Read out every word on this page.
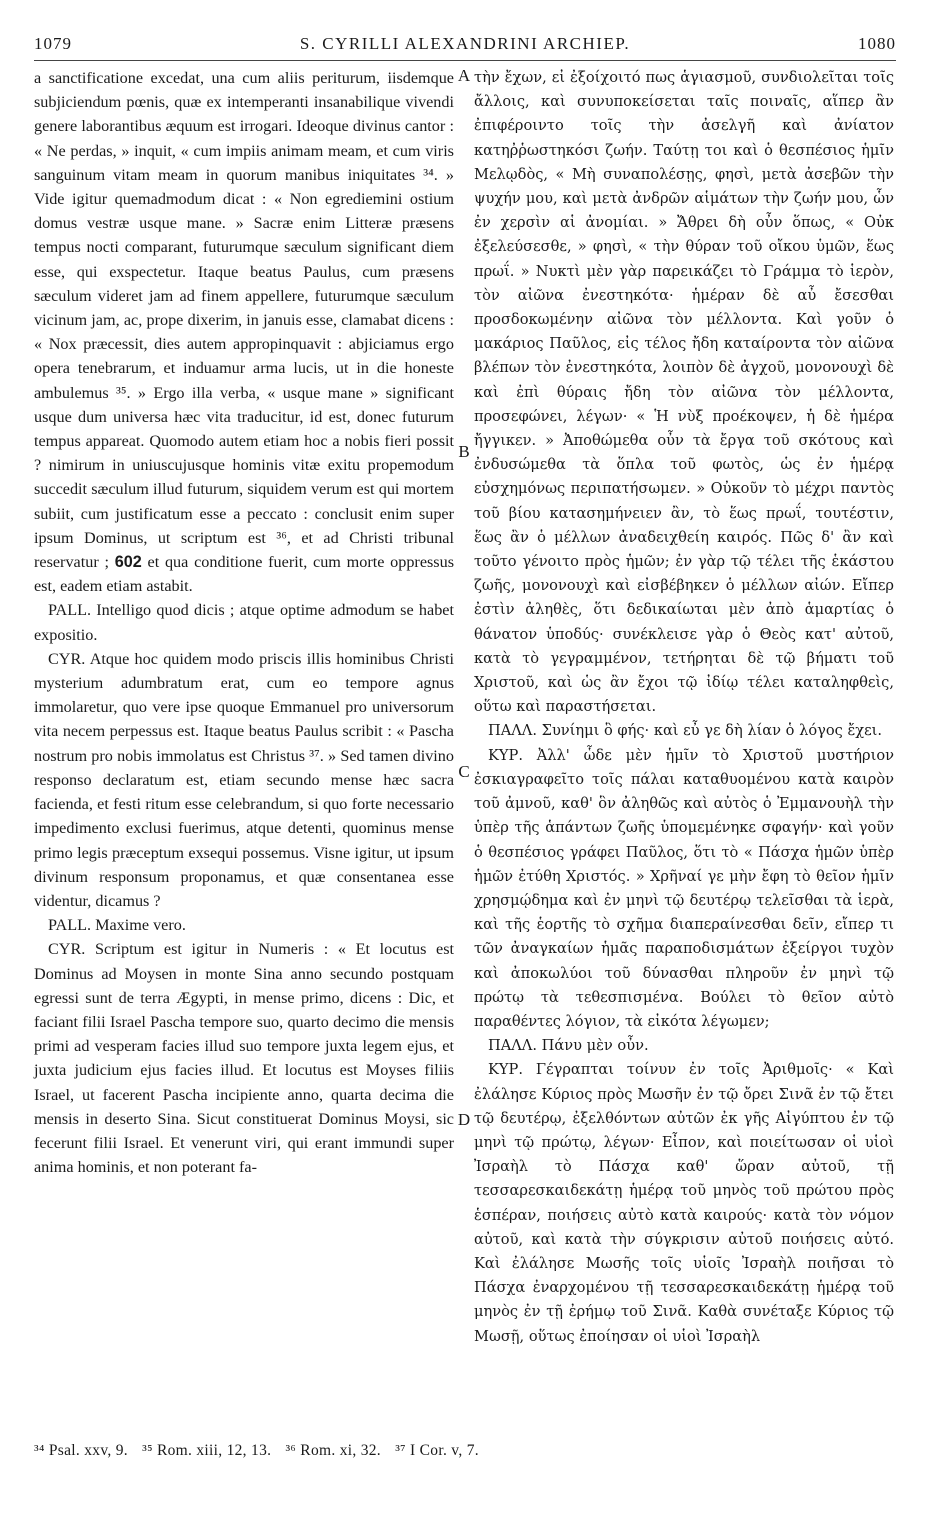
1079	S. CYRILLI ALEXANDRINI ARCHIEP.	1080

a sanctificatione excedat, una cum aliis periturum, iisdemque subjiciendum pœnis, quæ ex intemperanti insanabilique vivendi genere laborantibus æquum est irrogari. Ideoque divinus cantor : « Ne perdas, » inquit, « cum impiis animam meam, et cum viris sanguinum vitam meam in quorum manibus iniquitates ³⁴. » Vide igitur quemadmodum dicat : « Non egrediemini ostium domus vestræ usque mane. » Sacræ enim Litteræ præsens tempus nocti comparant, futurumque sæculum significant diem esse, qui exspectetur. Itaque beatus Paulus, cum præsens sæculum videret jam ad finem appellere, futurumque sæculum vicinum jam, ac, prope dixerim, in januis esse, clamabat dicens : « Nox præcessit, dies autem appropinquavit : abjiciamus ergo opera tenebrarum, et induamur arma lucis, ut in die honeste ambulemus ³⁵. » Ergo illa verba, « usque mane » significant usque dum universa hæc vita traducitur, id est, donec futurum tempus appareat. Quomodo autem etiam hoc a nobis fieri possit ? nimirum in uniuscujusque hominis vitæ exitu propemodum succedit sæculum illud futurum, siquidem verum est qui mortem subiit, cum justificatum esse a peccato : conclusit enim super ipsum Dominus, ut scriptum est ³⁶, et ad Christi tribunal reservatur ; 602 et qua conditione fuerit, cum morte oppressus est, eadem etiam astabit.

PALL. Intelligo quod dicis ; atque optime admodum se habet expositio.

CYR. Atque hoc quidem modo priscis illis hominibus Christi mysterium adumbratum erat, cum eo tempore agnus immolaretur, quo vere ipse quoque Emmanuel pro universorum vita necem perpessus est. Itaque beatus Paulus scribit : « Pascha nostrum pro nobis immolatus est Christus ³⁷. » Sed tamen divino responso declaratum est, etiam secundo mense hæc sacra facienda, et festi ritum esse celebrandum, si quo forte necessario impedimento exclusi fuerimus, atque detenti, quominus mense primo legis præceptum exsequi possemus. Visne igitur, ut ipsum divinum responsum proponamus, et quæ consentanea esse videntur, dicamus ?

PALL. Maxime vero.

CYR. Scriptum est igitur in Numeris : « Et locutus est Dominus ad Moysen in monte Sina anno secundo postquam egressi sunt de terra Ægypti, in mense primo, dicens : Dic, et faciant filii Israel Pascha tempore suo, quarto decimo die mensis primi ad vesperam facies illud suo tempore juxta legem ejus, et juxta judicium ejus facies illud. Et locutus est Moyses filiis Israel, ut facerent Pascha incipiente anno, quarta decima die mensis in deserto Sina. Sicut constituerat Dominus Moysi, sic fecerunt filii Israel. Et venerunt viri, qui erant immundi super anima hominis, et non poterant fa-

A
B
C
D

τὴν ἔχων, εἰ ἐξοίχοιτό πως ἁγιασμοῦ, συνδιολεῖται τοῖς ἄλλοις, καὶ συνυποκείσεται ταῖς ποιναῖς, αἵπερ ἂν ἐπιφέροιντο τοῖς τὴν ἀσελγῆ καὶ ἀνίατον κατηῤῥωστηκόσι ζωήν. Ταύτῃ τοι καὶ ὁ θεσπέσιος ἡμῖν Μελῳδὸς, « Μὴ συναπολέσῃς, φησὶ, μετὰ ἀσεβῶν τὴν ψυχήν μου, καὶ μετὰ ἀνδρῶν αἱμάτων τὴν ζωήν μου, ὧν ἐν χερσὶν αἱ ἀνομίαι. » Ἄθρει δὴ οὖν ὅπως, « Οὐκ ἐξελεύσεσθε, » φησὶ, « τὴν θύραν τοῦ οἴκου ὑμῶν, ἕως πρωΐ. » Νυκτὶ μὲν γὰρ παρεικάζει τὸ Γράμμα τὸ ἱερὸν, τὸν αἰῶνα ἐνεστηκότα· ἡμέραν δὲ αὖ ἔσεσθαι προσδοκωμένην αἰῶνα τὸν μέλλοντα. Καὶ γοῦν ὁ μακάριος Παῦλος, εἰς τέλος ἤδη καταίροντα τὸν αἰῶνα βλέπων τὸν ἐνεστηκότα, λοιπὸν δὲ ἀγχοῦ, μονονουχὶ δὲ καὶ ἐπὶ θύραις ἤδη τὸν αἰῶνα τὸν μέλλοντα, προσεφώνει, λέγων· « Ἡ νὺξ προέκοψεν, ἡ δὲ ἡμέρα ἤγγικεν. » Ἀποθώμεθα οὖν τὰ ἔργα τοῦ σκότους καὶ ἐνδυσώμεθα τὰ ὅπλα τοῦ φωτὸς, ὡς ἐν ἡμέρᾳ εὐσχημόνως περιπατήσωμεν. » Οὐκοῦν τὸ μέχρι παντὸς τοῦ βίου κατασημήνειεν ἂν, τὸ ἕως πρωΐ, τουτέστιν, ἕως ἂν ὁ μέλλων ἀναδειχθείη καιρός. Πῶς δ' ἂν καὶ τοῦτο γένοιτο πρὸς ἡμῶν; ἐν γὰρ τῷ τέλει τῆς ἑκάστου ζωῆς, μονονουχὶ καὶ εἰσβέβηκεν ὁ μέλλων αἰών. Εἴπερ ἐστὶν ἀληθὲς, ὅτι δεδικαίωται μὲν ἀπὸ ἁμαρτίας ὁ θάνατον ὑποδύς· συνέκλεισε γὰρ ὁ Θεὸς κατ' αὐτοῦ, κατὰ τὸ γεγραμμένον, τετήρηται δὲ τῷ βήματι τοῦ Χριστοῦ, καὶ ὡς ἂν ἔχοι τῷ ἰδίῳ τέλει καταληφθεὶς, οὕτω καὶ παραστήσεται.

ΠΑΛΛ. Συνίημι ὃ φής· καὶ εὖ γε δὴ λίαν ὁ λόγος ἔχει.

ΚΥΡ. Ἀλλ' ὧδε μὲν ἡμῖν τὸ Χριστοῦ μυστήριον ἐσκιαγραφεῖτο τοῖς πάλαι καταθυομένου κατὰ καιρὸν τοῦ ἀμνοῦ, καθ' ὃν ἀληθῶς καὶ αὐτὸς ὁ Ἐμμανουὴλ τὴν ὑπὲρ τῆς ἁπάντων ζωῆς ὑπομεμένηκε σφαγήν· καὶ γοῦν ὁ θεσπέσιος γράφει Παῦλος, ὅτι τὸ « Πάσχα ἡμῶν ὑπὲρ ἡμῶν ἐτύθη Χριστός. » Χρῆναί γε μὴν ἔφη τὸ θεῖον ἡμῖν χρησμῴδημα καὶ ἐν μηνὶ τῷ δευτέρῳ τελεῖσθαι τὰ ἱερὰ, καὶ τῆς ἑορτῆς τὸ σχῆμα διαπεραίνεσθαι δεῖν, εἴπερ τι τῶν ἀναγκαίων ἡμᾶς παραποδισμάτων ἐξείργοι τυχὸν καὶ ἀποκωλύοι τοῦ δύνασθαι πληροῦν ἐν μηνὶ τῷ πρώτῳ τὰ τεθεσπισμένα. Βούλει τὸ θεῖον αὐτὸ παραθέντες λόγιον, τὰ εἰκότα λέγωμεν;

ΠΑΛΛ. Πάνυ μὲν οὖν.

ΚΥΡ. Γέγραπται τοίνυν ἐν τοῖς Ἀριθμοῖς· « Καὶ ἐλάλησε Κύριος πρὸς Μωσῆν ἐν τῷ ὄρει Σινᾶ ἐν τῷ ἔτει τῷ δευτέρῳ, ἐξελθόντων αὐτῶν ἐκ γῆς Αἰγύπτου ἐν τῷ μηνὶ τῷ πρώτῳ, λέγων· Εἶπον, καὶ ποιείτωσαν οἱ υἱοὶ Ἰσραὴλ τὸ Πάσχα καθ' ὥραν αὐτοῦ, τῇ τεσσαρεσκαιδεκάτῃ ἡμέρᾳ τοῦ μηνὸς τοῦ πρώτου πρὸς ἑσπέραν, ποιήσεις αὐτὸ κατὰ καιρούς· κατὰ τὸν νόμον αὐτοῦ, καὶ κατὰ τὴν σύγκρισιν αὐτοῦ ποιήσεις αὐτό. Καὶ ἐλάλησε Μωσῆς τοῖς υἱοῖς Ἰσραὴλ ποιῆσαι τὸ Πάσχα ἐναρχομένου τῇ τεσσαρεσκαιδεκάτῃ ἡμέρᾳ τοῦ μηνὸς ἐν τῇ ἐρήμῳ τοῦ Σινᾶ. Καθὰ συνέταξε Κύριος τῷ Μωσῇ, οὕτως ἐποίησαν οἱ υἱοὶ Ἰσραὴλ

³⁴ Psal. xxv, 9. ³⁵ Rom. xiii, 12, 13. ³⁶ Rom. xi, 32. ³⁷ I Cor. v, 7.
